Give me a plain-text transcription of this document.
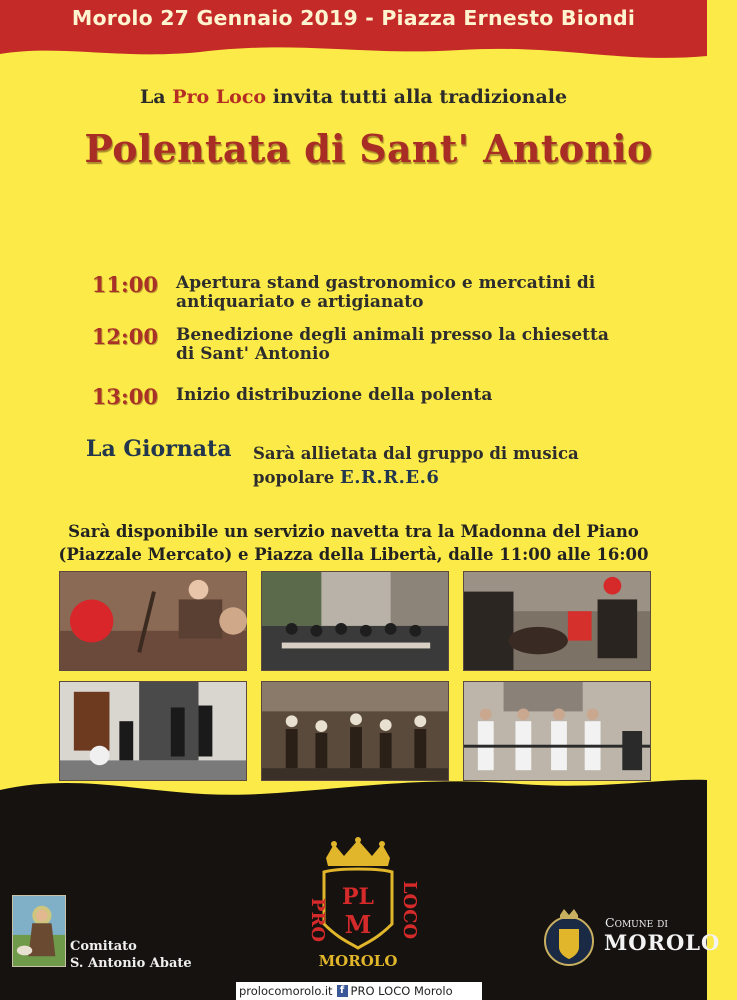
Morolo 27 Gennaio 2019 - Piazza Ernesto Biondi
La Pro Loco invita tutti alla tradizionale
Polentata di Sant' Antonio
11:00 Apertura stand gastronomico e mercatini di
antiquariato e artigianato
12:00 Benedizione degli animali presso la chiesetta
di Sant' Antonio
13:00 Inizio distribuzione della polenta
La Giornata Sarà allietata dal gruppo di musica
popolare E.R.R.E.6
Sarà disponibile un servizio navetta tra la Madonna del Piano
(Piazzale Mercato) e Piazza della Libertà, dalle 11:00 alle 16:00
Comitato
S. Antonio Abate
PL
M
PRO	LOCO
MOROLO
Comune di
MOROLO
prolocomorolo.it f PRO LOCO Morolo
